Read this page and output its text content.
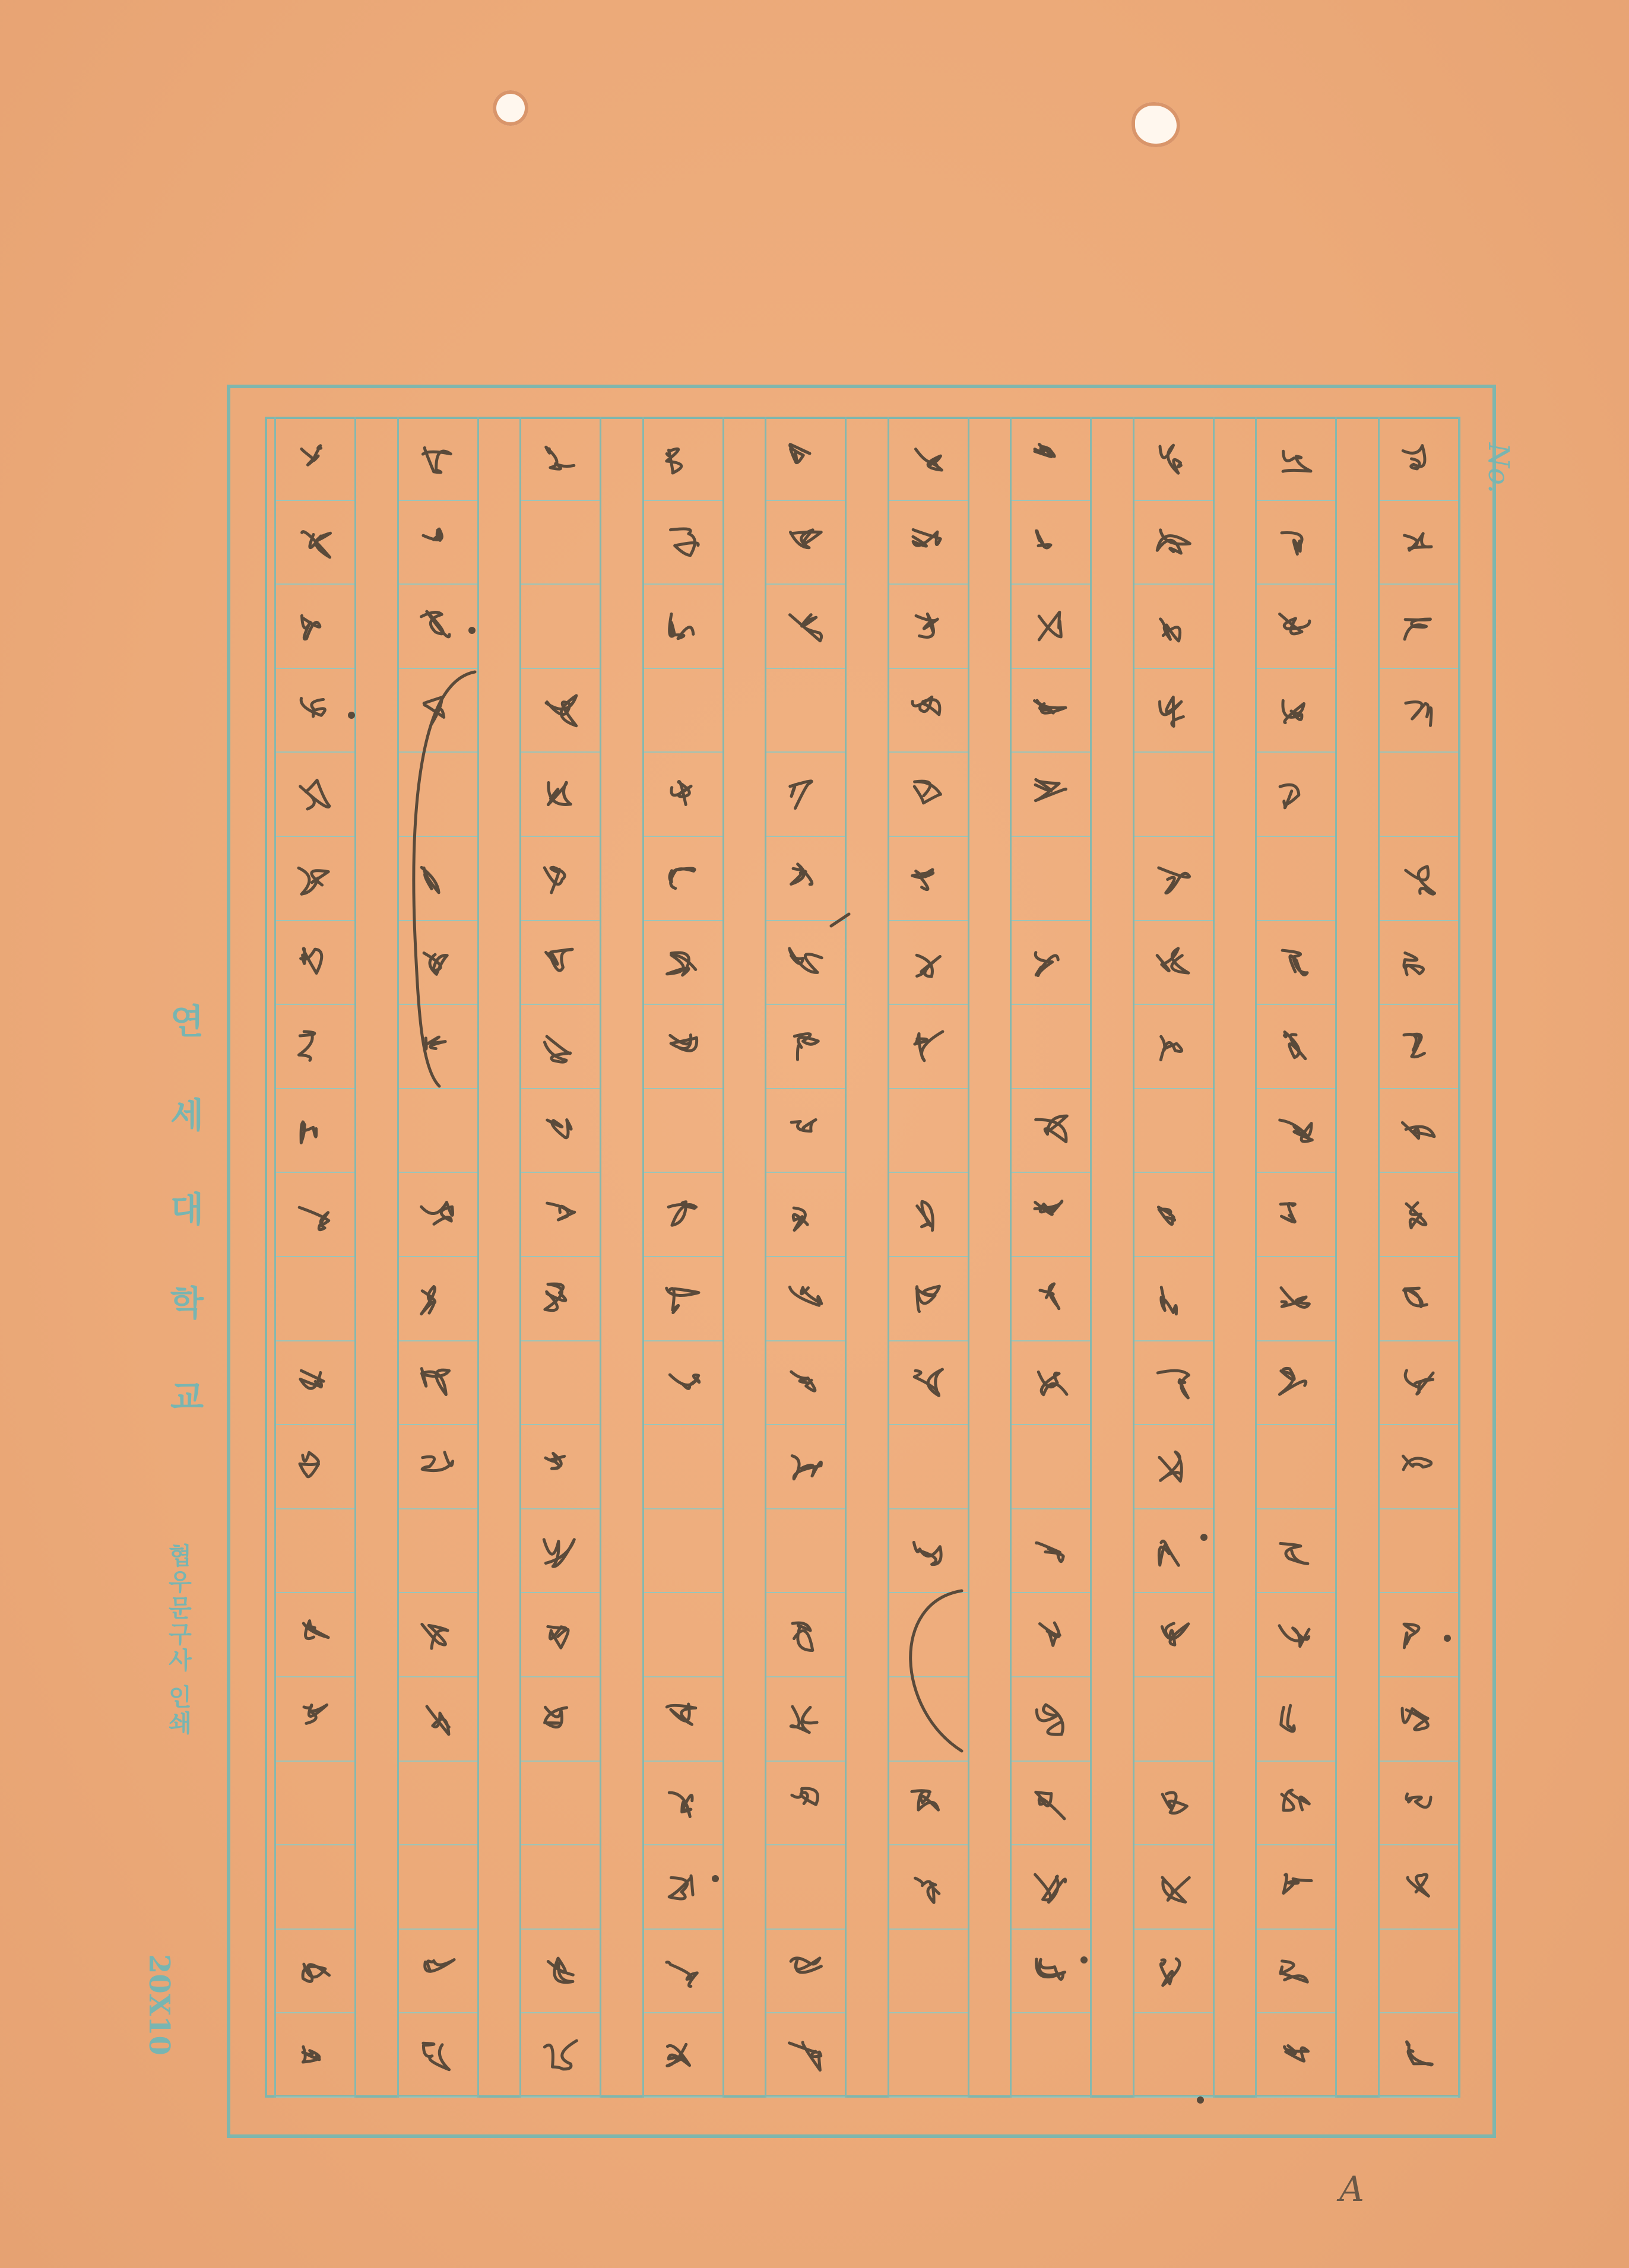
연 세 대 학 교
협우문구사 인쇄
20X10
No.
A
